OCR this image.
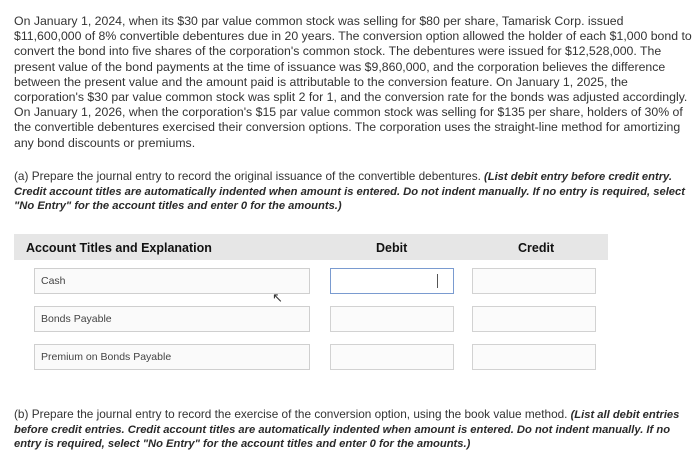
On January 1, 2024, when its $30 par value common stock was selling for $80 per share, Tamarisk Corp. issued $11,600,000 of 8% convertible debentures due in 20 years. The conversion option allowed the holder of each $1,000 bond to convert the bond into five shares of the corporation's common stock. The debentures were issued for $12,528,000. The present value of the bond payments at the time of issuance was $9,860,000, and the corporation believes the difference between the present value and the amount paid is attributable to the conversion feature. On January 1, 2025, the corporation's $30 par value common stock was split 2 for 1, and the conversion rate for the bonds was adjusted accordingly. On January 1, 2026, when the corporation's $15 par value common stock was selling for $135 per share, holders of 30% of the convertible debentures exercised their conversion options. The corporation uses the straight-line method for amortizing any bond discounts or premiums.
(a) Prepare the journal entry to record the original issuance of the convertible debentures. (List debit entry before credit entry. Credit account titles are automatically indented when amount is entered. Do not indent manually. If no entry is required, select "No Entry" for the account titles and enter 0 for the amounts.)
Account Titles and Explanation	Debit	Credit
Cash
↖
Bonds Payable
Premium on Bonds Payable
(b) Prepare the journal entry to record the exercise of the conversion option, using the book value method. (List all debit entries before credit entries. Credit account titles are automatically indented when amount is entered. Do not indent manually. If no entry is required, select "No Entry" for the account titles and enter 0 for the amounts.)
